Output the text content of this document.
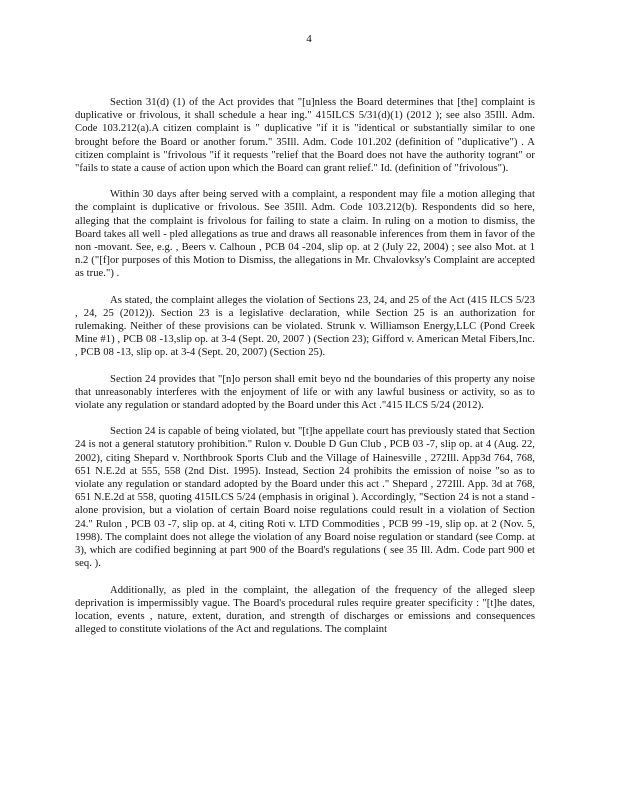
4

Section 31(d) (1) of the Act provides that "[u]nless the Board determines that [the] complaint is duplicative or frivolous, it shall schedule a hear ing." 415ILCS 5/31(d)(1) (2012 ); see also 35Ill. Adm. Code 103.212(a).A citizen complaint is " duplicative "if it is "identical or substantially similar to one brought before the Board or another forum." 35Ill. Adm. Code 101.202 (definition of "duplicative") . A citizen complaint is "frivolous "if it requests "relief that the Board does not have the authority togrant" or "fails to state a cause of action upon which the Board can grant relief." Id. (definition of "frivolous").

Within 30 days after being served with a complaint, a respondent may file a motion alleging that the complaint is duplicative or frivolous. See 35Ill. Adm. Code 103.212(b). Respondents did so here, alleging that the complaint is frivolous for failing to state a claim. In ruling on a motion to dismiss, the Board takes all well - pled allegations as true and draws all reasonable inferences from them in favor of the non -movant. See, e.g. , Beers v. Calhoun , PCB 04 -204, slip op. at 2 (July 22, 2004) ; see also Mot. at 1 n.2 ("[f]or purposes of this Motion to Dismiss, the allegations in Mr. Chvalovksy's Complaint are accepted as true.") .

As stated, the complaint alleges the violation of Sections 23, 24, and 25 of the Act (415 ILCS 5/23 , 24, 25 (2012)). Section 23 is a legislative declaration, while Section 25 is an authorization for rulemaking. Neither of these provisions can be violated. Strunk v. Williamson Energy,LLC (Pond Creek Mine #1) , PCB 08 -13,slip op. at 3-4 (Sept. 20, 2007 ) (Section 23); Gifford v. American Metal Fibers,Inc. , PCB 08 -13, slip op. at 3-4 (Sept. 20, 2007) (Section 25).

Section 24 provides that "[n]o person shall emit beyo nd the boundaries of this property any noise that unreasonably interferes with the enjoyment of life or with any lawful business or activity, so as to violate any regulation or standard adopted by the Board under this Act ."415 ILCS 5/24 (2012).

Section 24 is capable of being violated, but "[t]he appellate court has previously stated that Section 24 is not a general statutory prohibition." Rulon v. Double D Gun Club , PCB 03 -7, slip op. at 4 (Aug. 22, 2002), citing Shepard v. Northbrook Sports Club and the Village of Hainesville , 272Ill. App3d 764, 768, 651 N.E.2d at 555, 558 (2nd Dist. 1995). Instead, Section 24 prohibits the emission of noise "so as to violate any regulation or standard adopted by the Board under this act ." Shepard , 272Ill. App. 3d at 768, 651 N.E.2d at 558, quoting 415ILCS 5/24 (emphasis in original ). Accordingly, "Section 24 is not a stand -alone provision, but a violation of certain Board noise regulations could result in a violation of Section 24." Rulon , PCB 03 -7, slip op. at 4, citing Roti v. LTD Commodities , PCB 99 -19, slip op. at 2 (Nov. 5, 1998). The complaint does not allege the violation of any Board noise regulation or standard (see Comp. at 3), which are codified beginning at part 900 of the Board's regulations ( see 35 Ill. Adm. Code part 900 et seq. ).

Additionally, as pled in the complaint, the allegation of the frequency of the alleged sleep deprivation is impermissibly vague. The Board's procedural rules require greater specificity : "[t]he dates, location, events , nature, extent, duration, and strength of discharges or emissions and consequences alleged to constitute violations of the Act and regulations. The complaint
